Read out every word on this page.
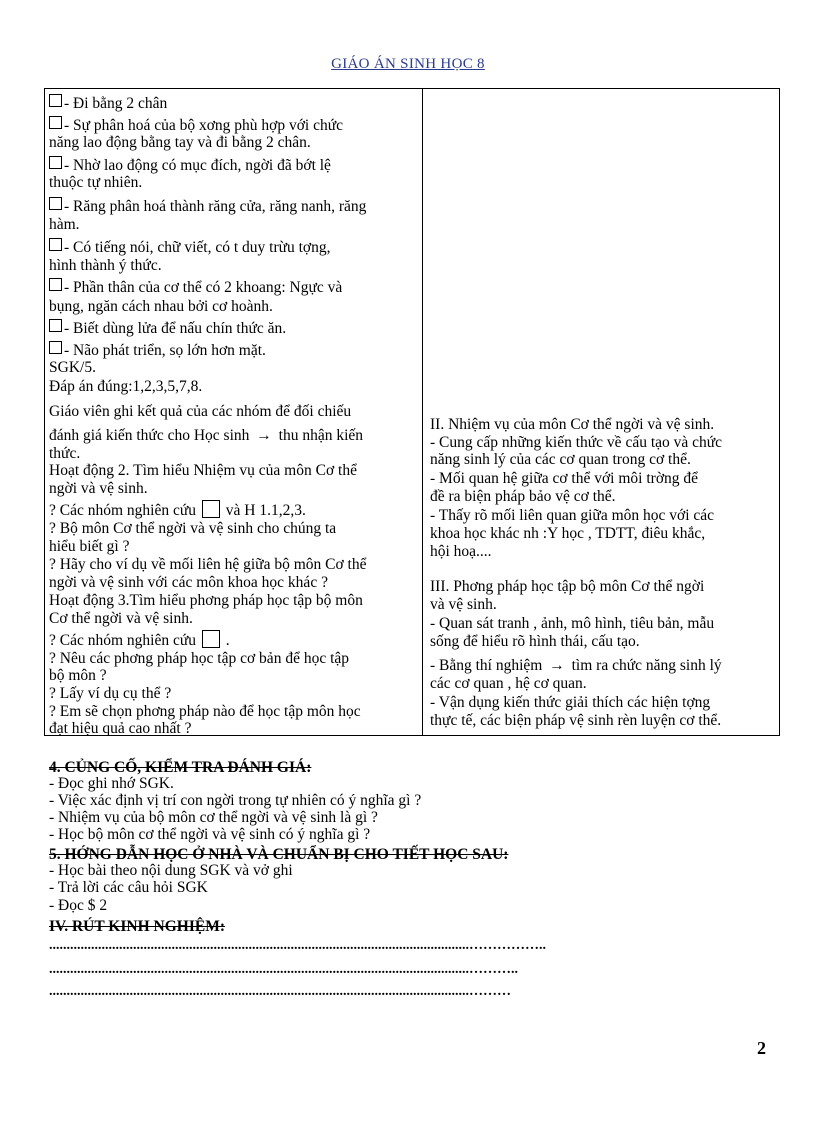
GIÁO ÁN SINH HỌC 8
- Đi bằng 2 chân
- Sự phân hoá của bộ xơng phù hợp với chức
năng lao động bằng tay và đi bằng 2 chân.
- Nhờ lao động có mục đích, ngời đã bớt lệ
thuộc tự nhiên.
- Răng phân hoá thành răng cửa, răng nanh, răng
hàm.
- Có tiếng nói, chữ viết, có t duy trừu tợng,
hình thành ý thức.
- Phần thân của cơ thể có 2 khoang: Ngực và
bụng, ngăn cách nhau bởi cơ hoành.
- Biết dùng lửa để nấu chín thức ăn.
- Não phát triển, sọ lớn hơn mặt.
SGK/5.
Đáp án đúng:1,2,3,5,7,8.
Giáo viên ghi kết quả của các nhóm để đối chiếu
đánh giá kiến thức cho Học sinh → thu nhận kiến
thức.
Hoạt động 2. Tìm hiểu Nhiệm vụ của môn Cơ thể
ngời và vệ sinh.
? Các nhóm nghiên cứu  và H 1.1,2,3.
? Bộ môn Cơ thể ngời và vệ sinh cho chúng ta
hiểu biết gì ?
? Hãy cho ví dụ về mối liên hệ giữa bộ môn Cơ thể
ngời và vệ sinh với các môn khoa học khác ?
Hoạt động 3.Tìm hiểu phơng pháp học tập bộ môn
Cơ thể ngời và vệ sinh.
? Các nhóm nghiên cứu  .
? Nêu các phơng pháp học tập cơ bản để học tập
bộ môn ?
? Lấy ví dụ cụ thể ?
? Em sẽ chọn phơng pháp nào để học tập môn học
đạt hiệu quả cao nhất ?
II. Nhiệm vụ của môn Cơ thể ngời và vệ sinh.
- Cung cấp những kiến thức về cấu tạo và chức
năng sinh lý của các cơ quan trong cơ thể.
- Mối quan hệ giữa cơ thể với môi trờng để
đề ra biện pháp bảo vệ cơ thể.
- Thấy rõ mối liên quan giữa môn học với các
khoa học khác nh :Y học , TDTT, điêu khắc,
hội hoạ....
III. Phơng pháp học tập bộ môn Cơ thể ngời
và vệ sinh.
- Quan sát tranh , ảnh, mô hình, tiêu bản, mẫu
sống để hiểu rõ hình thái, cấu tạo.
- Bằng thí nghiệm → tìm ra chức năng sinh lý
các cơ quan , hệ cơ quan.
- Vận dụng kiến thức giải thích các hiện tợng
thực tế, các biện pháp vệ sinh rèn luyện cơ thể.
4. CỦNG CỐ, KIỂM TRA ĐÁNH GIÁ:
- Đọc ghi nhớ SGK.
- Việc xác định vị trí con ngời trong tự nhiên có ý nghĩa gì ?
- Nhiệm vụ của bộ môn cơ thể ngời và vệ sinh là gì ?
- Học bộ môn cơ thể ngời và vệ sinh có ý nghĩa gì ?
5. HỚNG DẪN HỌC Ở NHÀ VÀ CHUẨN BỊ CHO TIẾT HỌC SAU:
- Học bài theo nội dung SGK và vở ghi
- Trả lời các câu hỏi SGK
- Đọc $ 2
IV. RÚT KINH NGHIỆM:
........................................................................................................................……………..
........................................................................................................................………..
........................................................................................................................………
2
